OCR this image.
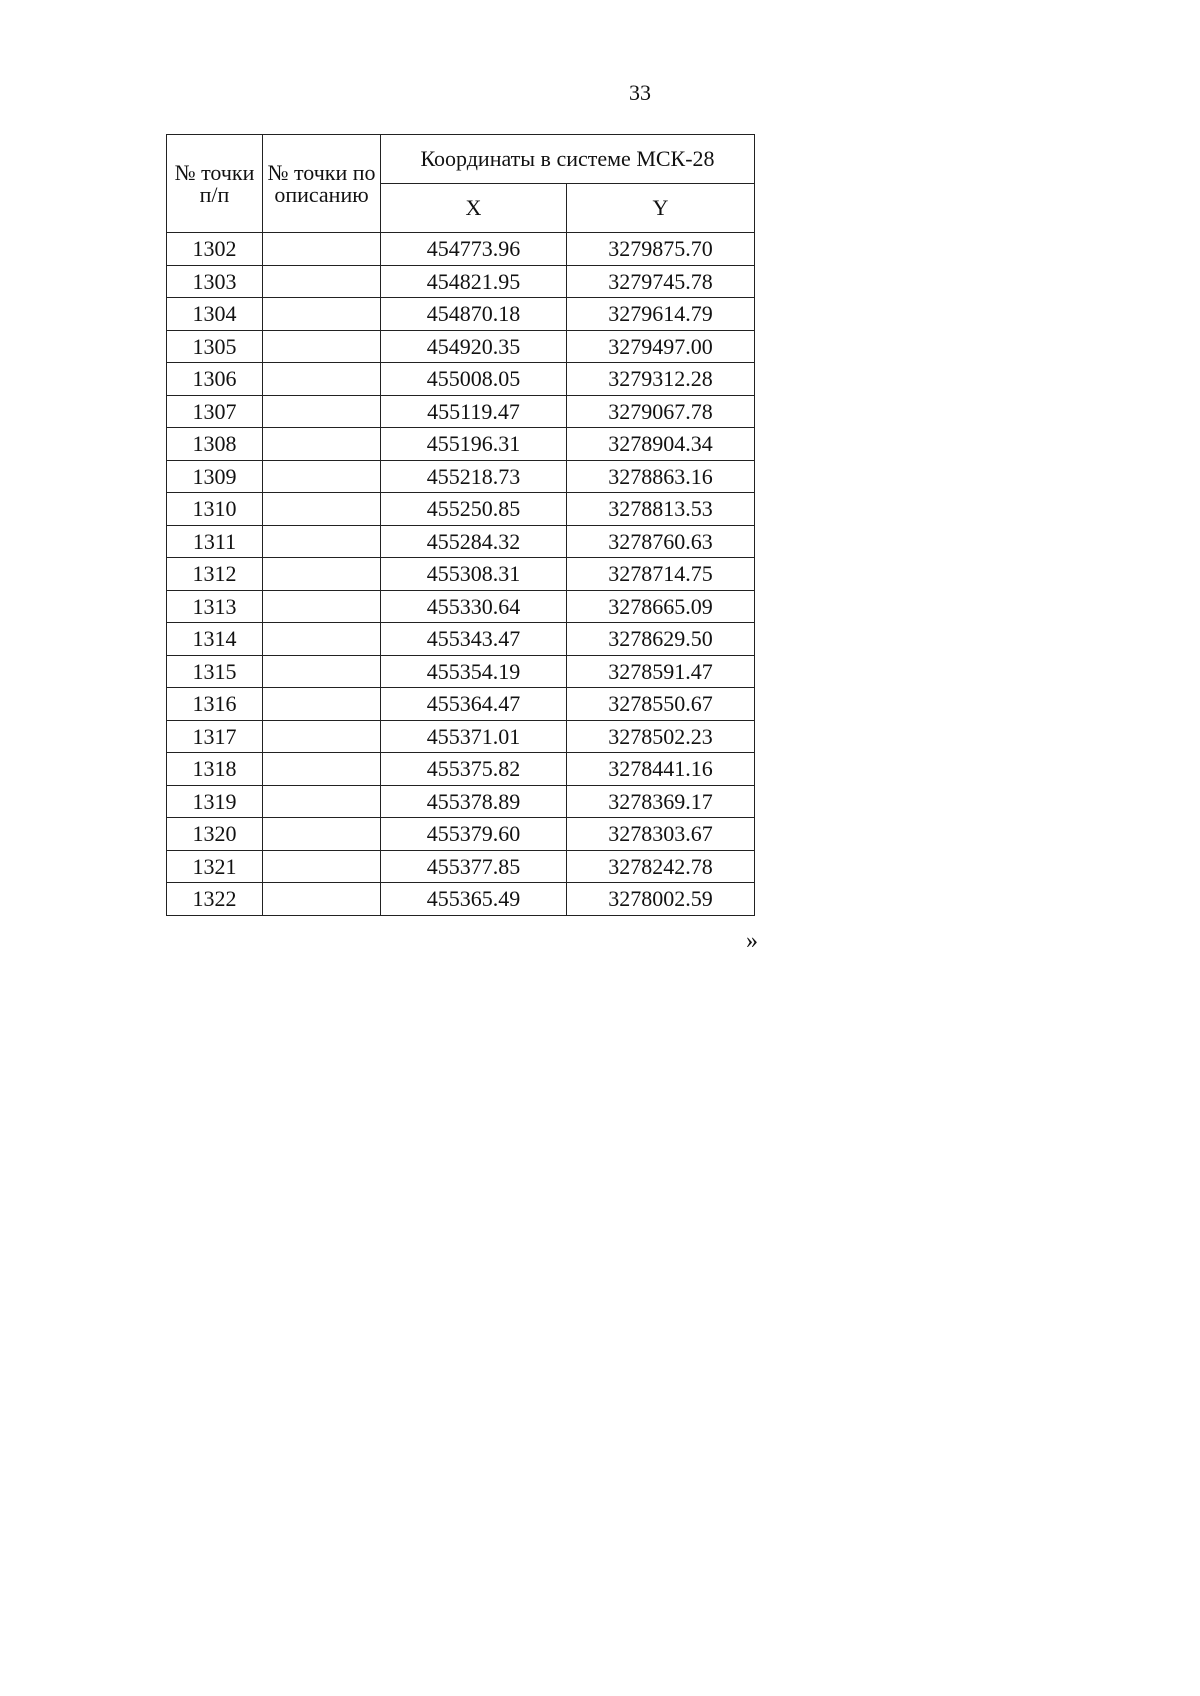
33
№ точки п/п	№ точки по описанию	Координаты в системе МСК-28	
		X	Y
1302		454773.96	3279875.70
1303		454821.95	3279745.78
1304		454870.18	3279614.79
1305		454920.35	3279497.00
1306		455008.05	3279312.28
1307		455119.47	3279067.78
1308		455196.31	3278904.34
1309		455218.73	3278863.16
1310		455250.85	3278813.53
1311		455284.32	3278760.63
1312		455308.31	3278714.75
1313		455330.64	3278665.09
1314		455343.47	3278629.50
1315		455354.19	3278591.47
1316		455364.47	3278550.67
1317		455371.01	3278502.23
1318		455375.82	3278441.16
1319		455378.89	3278369.17
1320		455379.60	3278303.67
1321		455377.85	3278242.78
1322		455365.49	3278002.59
»
